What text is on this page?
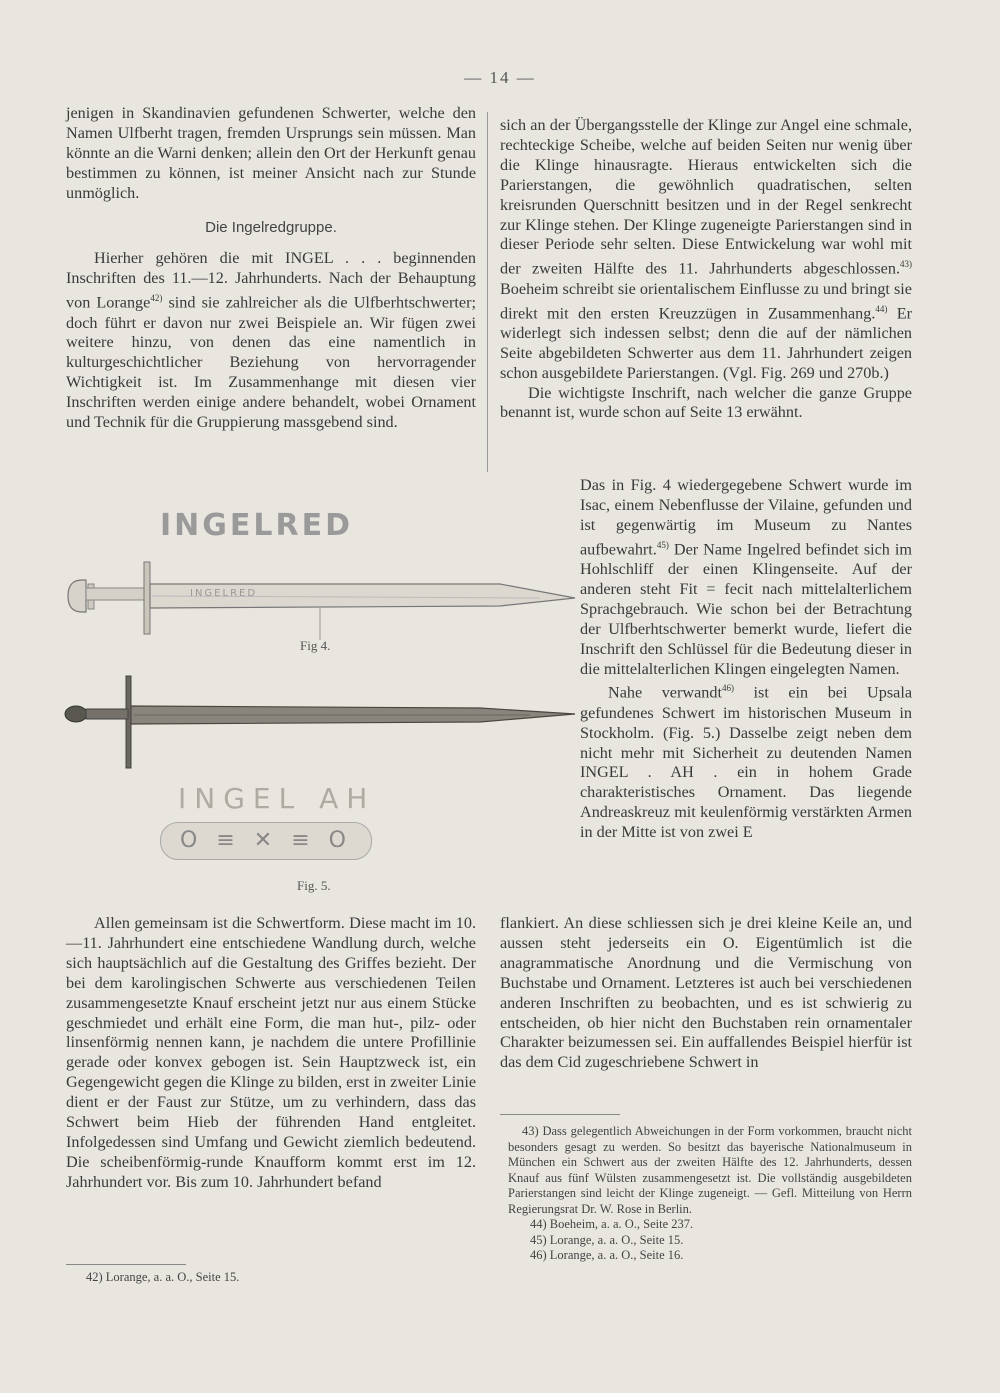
— 14 —

jenigen in Skandinavien gefundenen Schwerter, welche den Namen Ulfberht tragen, fremden Ursprungs sein müssen. Man könnte an die Warni denken; allein den Ort der Herkunft genau bestimmen zu können, ist meiner Ansicht nach zur Stunde unmöglich.

Die Ingelredgruppe.

Hierher gehören die mit INGEL . . . beginnenden Inschriften des 11.—12. Jahrhunderts. Nach der Behauptung von Lorange$^{42)}$ sind sie zahlreicher als die Ulfberhtschwerter; doch führt er davon nur zwei Beispiele an. Wir fügen zwei weitere hinzu, von denen das eine namentlich in kulturgeschichtlicher Beziehung von hervorragender Wichtigkeit ist. Im Zusammenhange mit diesen vier Inschriften werden einige andere behandelt, wobei Ornament und Technik für die Gruppierung massgebend sind.

INGELRED
INGELRED
Fig 4.
INGEL AH
O ≡ ✕ ≡ O
Fig. 5.

Allen gemeinsam ist die Schwertform. Diese macht im 10.—11. Jahrhundert eine entschiedene Wandlung durch, welche sich hauptsächlich auf die Gestaltung des Griffes bezieht. Der bei dem karolingischen Schwerte aus verschiedenen Teilen zusammengesetzte Knauf erscheint jetzt nur aus einem Stücke geschmiedet und erhält eine Form, die man hut-, pilz- oder linsenförmig nennen kann, je nachdem die untere Profillinie gerade oder konvex gebogen ist. Sein Hauptzweck ist, ein Gegengewicht gegen die Klinge zu bilden, erst in zweiter Linie dient er der Faust zur Stütze, um zu verhindern, dass das Schwert beim Hieb der führenden Hand entgleitet. Infolgedessen sind Umfang und Gewicht ziemlich bedeutend. Die scheibenförmig-runde Knaufform kommt erst im 12. Jahrhundert vor. Bis zum 10. Jahrhundert befand

42) Lorange, a. a. O., Seite 15.

sich an der Übergangsstelle der Klinge zur Angel eine schmale, rechteckige Scheibe, welche auf beiden Seiten nur wenig über die Klinge hinausragte. Hieraus entwickelten sich die Parierstangen, die gewöhnlich quadratischen, selten kreisrunden Querschnitt besitzen und in der Regel senkrecht zur Klinge stehen. Der Klinge zugeneigte Parierstangen sind in dieser Periode sehr selten. Diese Entwickelung war wohl mit der zweiten Hälfte des 11. Jahrhunderts abgeschlossen.$^{43)}$ Boeheim schreibt sie orientalischem Einflusse zu und bringt sie direkt mit den ersten Kreuzzügen in Zusammenhang.$^{44)}$ Er widerlegt sich indessen selbst; denn die auf der nämlichen Seite abgebildeten Schwerter aus dem 11. Jahrhundert zeigen schon ausgebildete Parierstangen. (Vgl. Fig. 269 und 270b.)

Die wichtigste Inschrift, nach welcher die ganze Gruppe benannt ist, wurde schon auf Seite 13 erwähnt.

Das in Fig. 4 wiedergegebene Schwert wurde im Isac, einem Nebenflusse der Vilaine, gefunden und ist gegenwärtig im Museum zu Nantes aufbewahrt.$^{45)}$ Der Name Ingelred befindet sich im Hohlschliff der einen Klingenseite. Auf der anderen steht Fit = fecit nach mittelalterlichem Sprachgebrauch. Wie schon bei der Betrachtung der Ulfberhtschwerter bemerkt wurde, liefert die Inschrift den Schlüssel für die Bedeutung dieser in die mittelalterlichen Klingen eingelegten Namen.

Nahe verwandt$^{46)}$ ist ein bei Upsala gefundenes Schwert im historischen Museum in Stockholm. (Fig. 5.) Dasselbe zeigt neben dem nicht mehr mit Sicherheit zu deutenden Namen INGEL . AH . ein in hohem Grade charakteristisches Ornament. Das liegende Andreaskreuz mit keulenförmig verstärkten Armen in der Mitte ist von zwei E

flankiert. An diese schliessen sich je drei kleine Keile an, und aussen steht jederseits ein O. Eigentümlich ist die anagrammatische Anordnung und die Vermischung von Buchstabe und Ornament. Letzteres ist auch bei verschiedenen anderen Inschriften zu beobachten, und es ist schwierig zu entscheiden, ob hier nicht den Buchstaben rein ornamentaler Charakter beizumessen sei. Ein auffallendes Beispiel hierfür ist das dem Cid zugeschriebene Schwert in

43) Dass gelegentlich Abweichungen in der Form vorkommen, braucht nicht besonders gesagt zu werden. So besitzt das bayerische Nationalmuseum in München ein Schwert aus der zweiten Hälfte des 12. Jahrhunderts, dessen Knauf aus fünf Wülsten zusammengesetzt ist. Die vollständig ausgebildeten Parierstangen sind leicht der Klinge zugeneigt. — Gefl. Mitteilung von Herrn Regierungsrat Dr. W. Rose in Berlin.

44) Boeheim, a. a. O., Seite 237.

45) Lorange, a. a. O., Seite 15.

46) Lorange, a. a. O., Seite 16.
